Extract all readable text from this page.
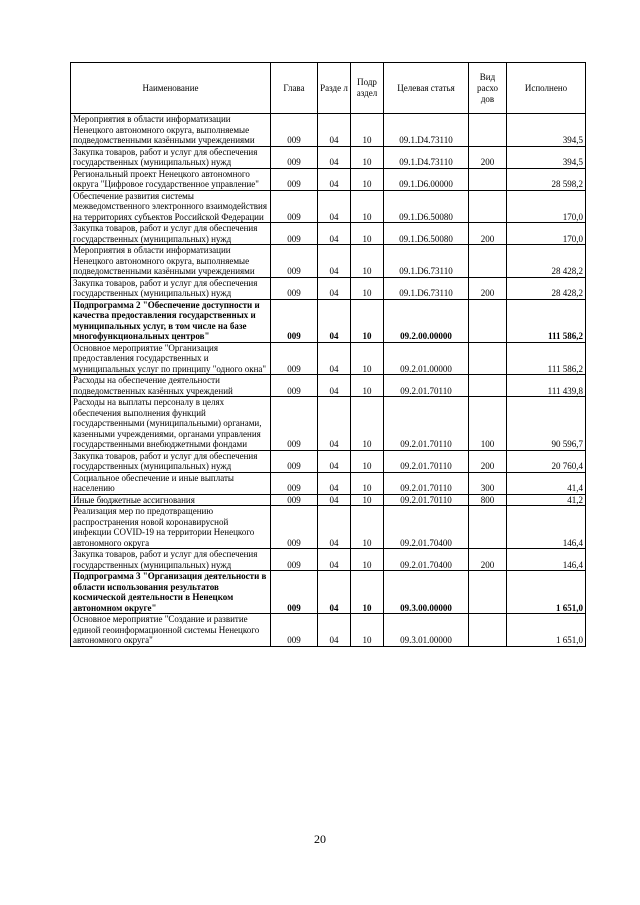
Наименование	Глава	Разде л	Подр аздел	Целевая статья	Вид расхо дов	Исполнено
Мероприятия в области информатизации Ненецкого автономного округа, выполняемые подведомственными казёнными учреждениями	009	04	10	09.1.D4.73110		394,5
Закупка товаров, работ и услуг для обеспечения государственных (муниципальных) нужд	009	04	10	09.1.D4.73110	200	394,5
Региональный проект Ненецкого автономного округа "Цифровое государственное управление"	009	04	10	09.1.D6.00000		28 598,2
Обеспечение развития системы межведомственного электронного взаимодействия на территориях субъектов Российской Федерации	009	04	10	09.1.D6.50080		170,0
Закупка товаров, работ и услуг для обеспечения государственных (муниципальных) нужд	009	04	10	09.1.D6.50080	200	170,0
Мероприятия в области информатизации Ненецкого автономного округа, выполняемые подведомственными казёнными учреждениями	009	04	10	09.1.D6.73110		28 428,2
Закупка товаров, работ и услуг для обеспечения государственных (муниципальных) нужд	009	04	10	09.1.D6.73110	200	28 428,2
Подпрограмма 2 "Обеспечение доступности и качества предоставления государственных и муниципальных услуг, в том числе на базе многофункциональных центров"	009	04	10	09.2.00.00000		111 586,2
Основное мероприятие "Организация предоставления государственных и муниципальных услуг по принципу "одного окна"	009	04	10	09.2.01.00000		111 586,2
Расходы на обеспечение деятельности подведомственных казённых учреждений	009	04	10	09.2.01.70110		111 439,8
Расходы на выплаты персоналу в целях обеспечения выполнения функций государственными (муниципальными) органами, казенными учреждениями, органами управления государственными внебюджетными фондами	009	04	10	09.2.01.70110	100	90 596,7
Закупка товаров, работ и услуг для обеспечения государственных (муниципальных) нужд	009	04	10	09.2.01.70110	200	20 760,4
Социальное обеспечение и иные выплаты населению	009	04	10	09.2.01.70110	300	41,4
Иные бюджетные ассигнования	009	04	10	09.2.01.70110	800	41,2
Реализация мер по предотвращению распространения новой коронавирусной инфекции COVID-19 на территории Ненецкого автономного округа	009	04	10	09.2.01.70400		146,4
Закупка товаров, работ и услуг для обеспечения государственных (муниципальных) нужд	009	04	10	09.2.01.70400	200	146,4
Подпрограмма 3 "Организация деятельности в области использования результатов космической деятельности в Ненецком автономном округе"	009	04	10	09.3.00.00000		1 651,0
Основное мероприятие "Создание и развитие единой геоинформационной системы Ненецкого автономного округа"	009	04	10	09.3.01.00000		1 651,0
20
